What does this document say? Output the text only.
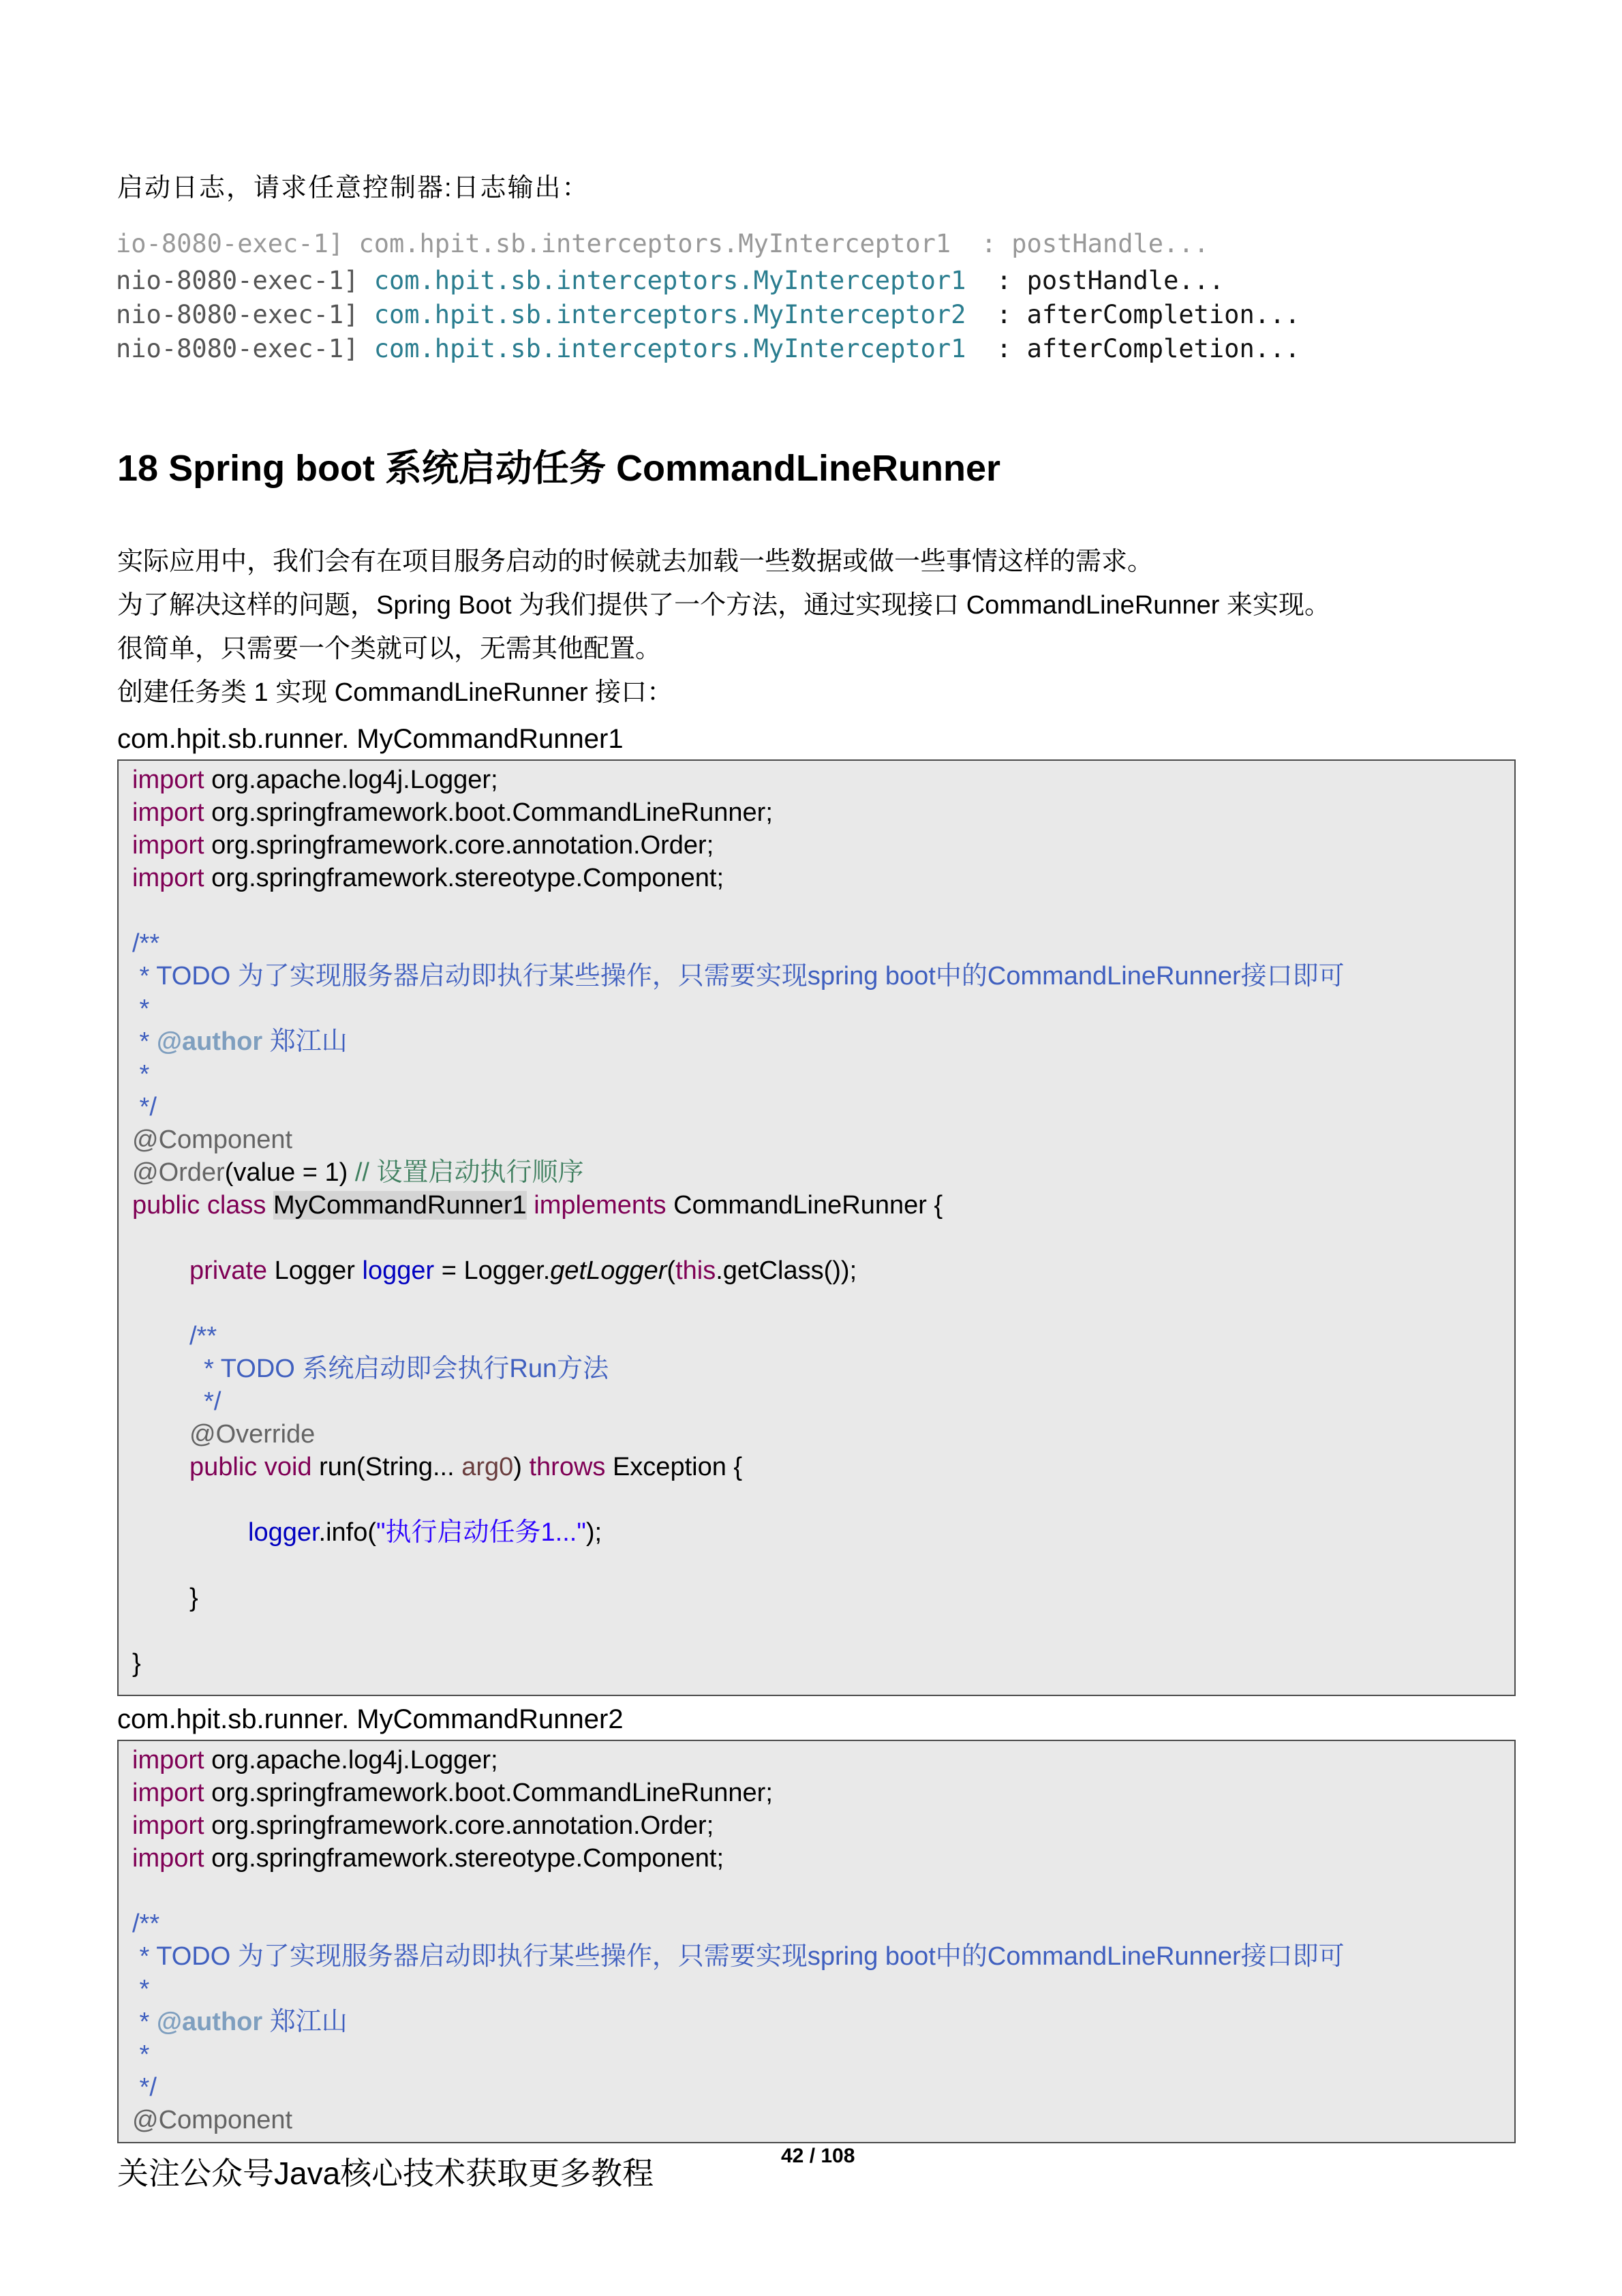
启动日志，请求任意控制器:日志输出：
io-8080-exec-1] com.hpit.sb.interceptors.MyInterceptor1  : postHandle...
nio-8080-exec-1] com.hpit.sb.interceptors.MyInterceptor1 : postHandle...
nio-8080-exec-1] com.hpit.sb.interceptors.MyInterceptor2 : afterCompletion...
nio-8080-exec-1] com.hpit.sb.interceptors.MyInterceptor1 : afterCompletion...
18 Spring boot 系统启动任务 CommandLineRunner
实际应用中，我们会有在项目服务启动的时候就去加载一些数据或做一些事情这样的需求。
为了解决这样的问题，Spring Boot 为我们提供了一个方法，通过实现接口 CommandLineRunner 来实现。
很简单，只需要一个类就可以，无需其他配置。
创建任务类 1 实现 CommandLineRunner 接口：
com.hpit.sb.runner. MyCommandRunner1
import org.apache.log4j.Logger;
import org.springframework.boot.CommandLineRunner;
import org.springframework.core.annotation.Order;
import org.springframework.stereotype.Component;
/**
* TODO 为了实现服务器启动即执行某些操作，只需要实现spring boot中的CommandLineRunner接口即可
*
* @author 郑江山
*
*/
@Component
@Order(value = 1) // 设置启动执行顺序
public class MyCommandRunner1 implements CommandLineRunner {
private Logger logger = Logger.getLogger(this.getClass());
/**
* TODO 系统启动即会执行Run方法
*/
@Override
public void run(String... arg0) throws Exception {
logger.info("执行启动任务1...");
}
}
com.hpit.sb.runner. MyCommandRunner2
import org.apache.log4j.Logger;
import org.springframework.boot.CommandLineRunner;
import org.springframework.core.annotation.Order;
import org.springframework.stereotype.Component;
/**
* TODO 为了实现服务器启动即执行某些操作，只需要实现spring boot中的CommandLineRunner接口即可
*
* @author 郑江山
*
*/
@Component
关注公众号Java核心技术获取更多教程	42 / 108
